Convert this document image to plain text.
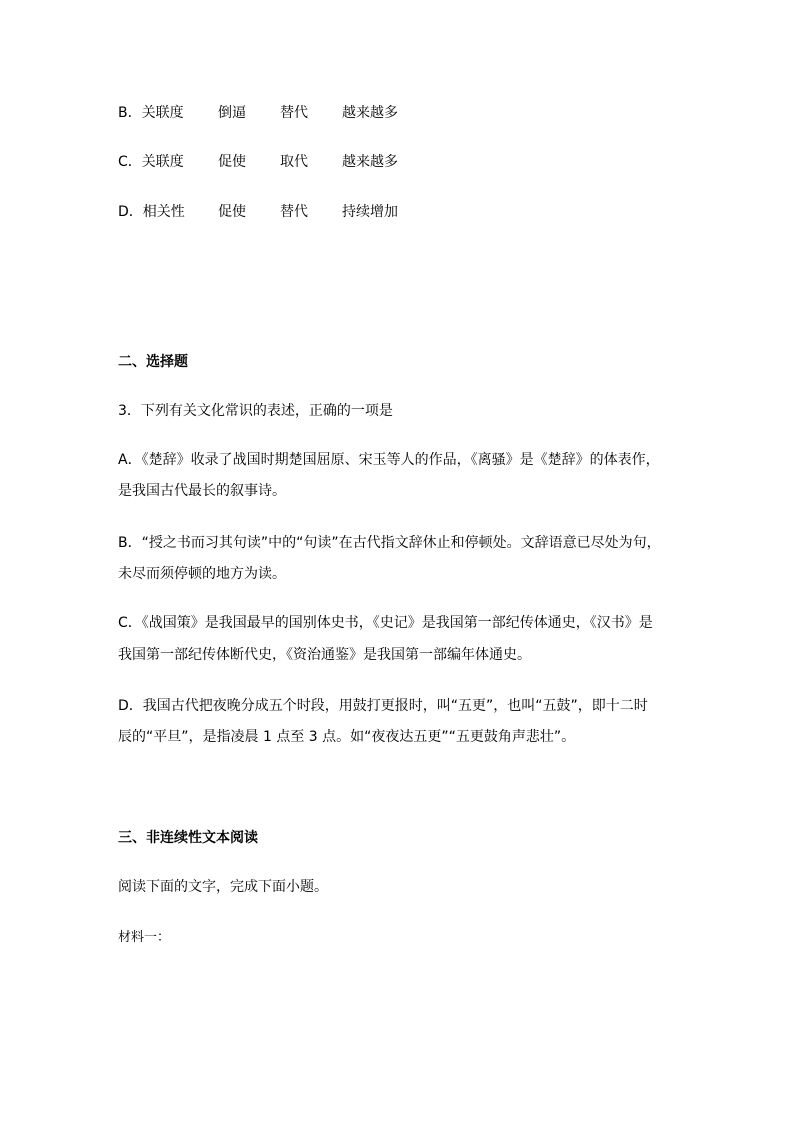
B．关联度 倒逼 替代 越来越多
C．关联度 促使 取代 越来越多
D．相关性 促使 替代 持续增加
二、选择题
3．下列有关文化常识的表述，正确的一项是
A．《楚辞》收录了战国时期楚国屈原、宋玉等人的作品，《离骚》是《楚辞》的体表作，
是我国古代最长的叙事诗。
B．“授之书而习其句读”中的“句读”在古代指文辞休止和停顿处。文辞语意已尽处为句，
未尽而须停顿的地方为读。
C．《战国策》是我国最早的国别体史书，《史记》是我国第一部纪传体通史，《汉书》是
我国第一部纪传体断代史，《资治通鉴》是我国第一部编年体通史。
D．我国古代把夜晚分成五个时段，用鼓打更报时，叫“五更”，也叫“五鼓”，即十二时
辰的“平旦”，是指凌晨 1 点至 3 点。如“夜夜达五更”“五更鼓角声悲壮”。
三、非连续性文本阅读
阅读下面的文字，完成下面小题。
材料一：
